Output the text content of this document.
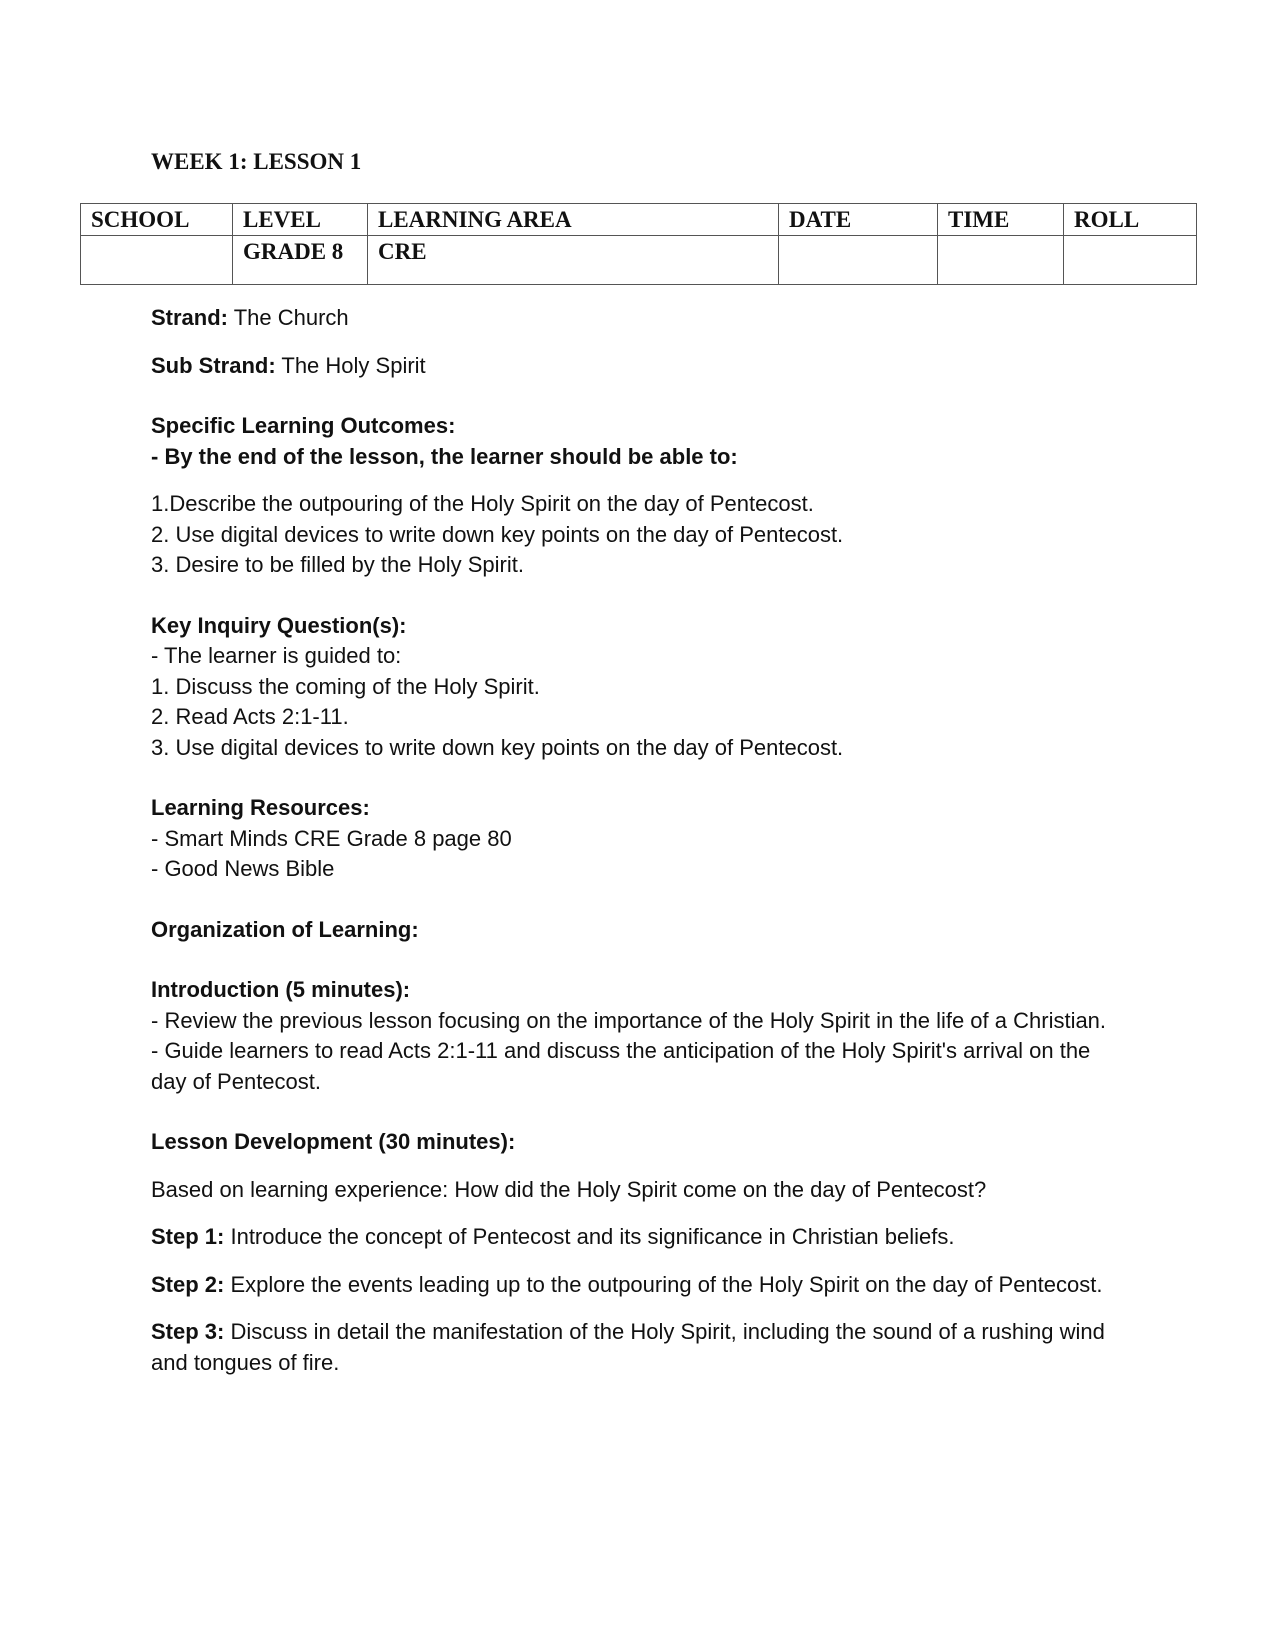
WEEK 1: LESSON 1
SCHOOL	LEVEL	LEARNING AREA	DATE	TIME	ROLL
	GRADE 8	CRE			

Strand: The Church

Sub Strand: The Holy Spirit

Specific Learning Outcomes:

- By the end of the lesson, the learner should be able to:

1.Describe the outpouring of the Holy Spirit on the day of Pentecost.

2. Use digital devices to write down key points on the day of Pentecost.

3. Desire to be filled by the Holy Spirit.

Key Inquiry Question(s):

- The learner is guided to:

1. Discuss the coming of the Holy Spirit.

2. Read Acts 2:1-11.

3. Use digital devices to write down key points on the day of Pentecost.

Learning Resources:

- Smart Minds CRE Grade 8 page 80

- Good News Bible

Organization of Learning:

Introduction (5 minutes):

- Review the previous lesson focusing on the importance of the Holy Spirit in the life of a Christian.

- Guide learners to read Acts 2:1-11 and discuss the anticipation of the Holy Spirit's arrival on the day of Pentecost.

Lesson Development (30 minutes):

Based on learning experience: How did the Holy Spirit come on the day of Pentecost?

Step 1: Introduce the concept of Pentecost and its significance in Christian beliefs.

Step 2: Explore the events leading up to the outpouring of the Holy Spirit on the day of Pentecost.

Step 3: Discuss in detail the manifestation of the Holy Spirit, including the sound of a rushing wind and tongues of fire.
